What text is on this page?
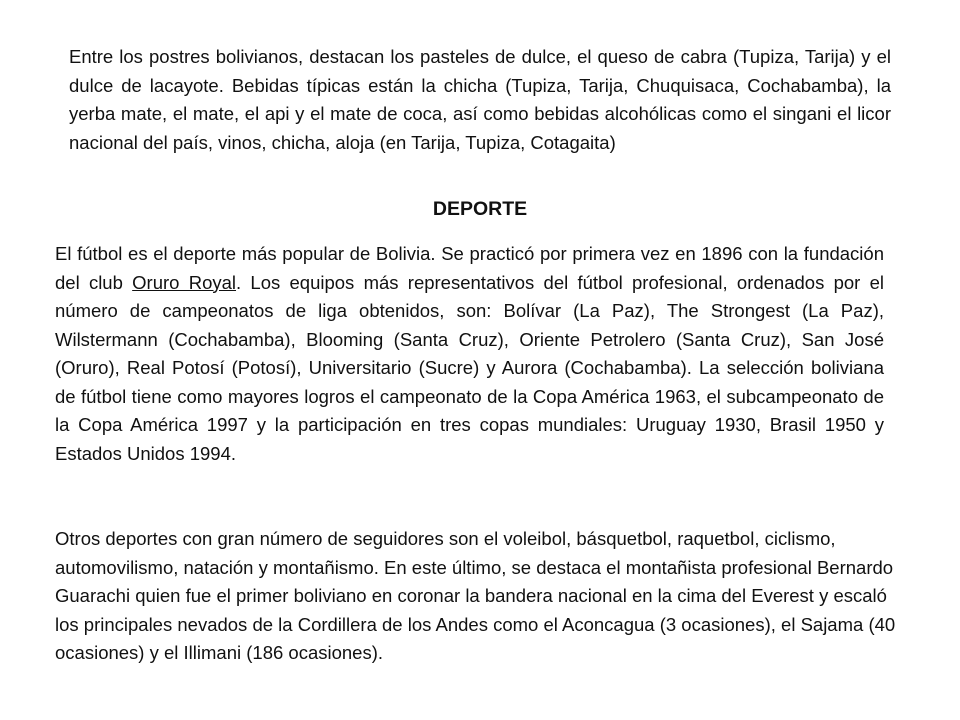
Entre los postres bolivianos, destacan los pasteles de dulce, el queso de cabra (Tupiza, Tarija) y el dulce de lacayote. Bebidas típicas están la chicha (Tupiza, Tarija, Chuquisaca, Cochabamba), la yerba mate, el mate, el api y el mate de coca, así como bebidas alcohólicas como el singani el licor nacional del país, vinos, chicha, aloja (en Tarija, Tupiza, Cotagaita)

DEPORTE

El fútbol es el deporte más popular de Bolivia. Se practicó por primera vez en 1896 con la fundación del club Oruro Royal. Los equipos más representativos del fútbol profesional, ordenados por el número de campeonatos de liga obtenidos, son: Bolívar (La Paz), The Strongest (La Paz), Wilstermann (Cochabamba), Blooming (Santa Cruz), Oriente Petrolero (Santa Cruz), San José (Oruro), Real Potosí (Potosí), Universitario (Sucre) y Aurora (Cochabamba). La selección boliviana de fútbol tiene como mayores logros el campeonato de la Copa América 1963, el subcampeonato de la Copa América 1997 y la participación en tres copas mundiales: Uruguay 1930, Brasil 1950 y Estados Unidos 1994.

Otros deportes con gran número de seguidores son el voleibol, básquetbol, raquetbol, ciclismo, automovilismo, natación y montañismo. En este último, se destaca el montañista profesional Bernardo Guarachi quien fue el primer boliviano en coronar la bandera nacional en la cima del Everest y escaló los principales nevados de la Cordillera de los Andes como el Aconcagua (3 ocasiones), el Sajama (40 ocasiones) y el Illimani (186 ocasiones).
